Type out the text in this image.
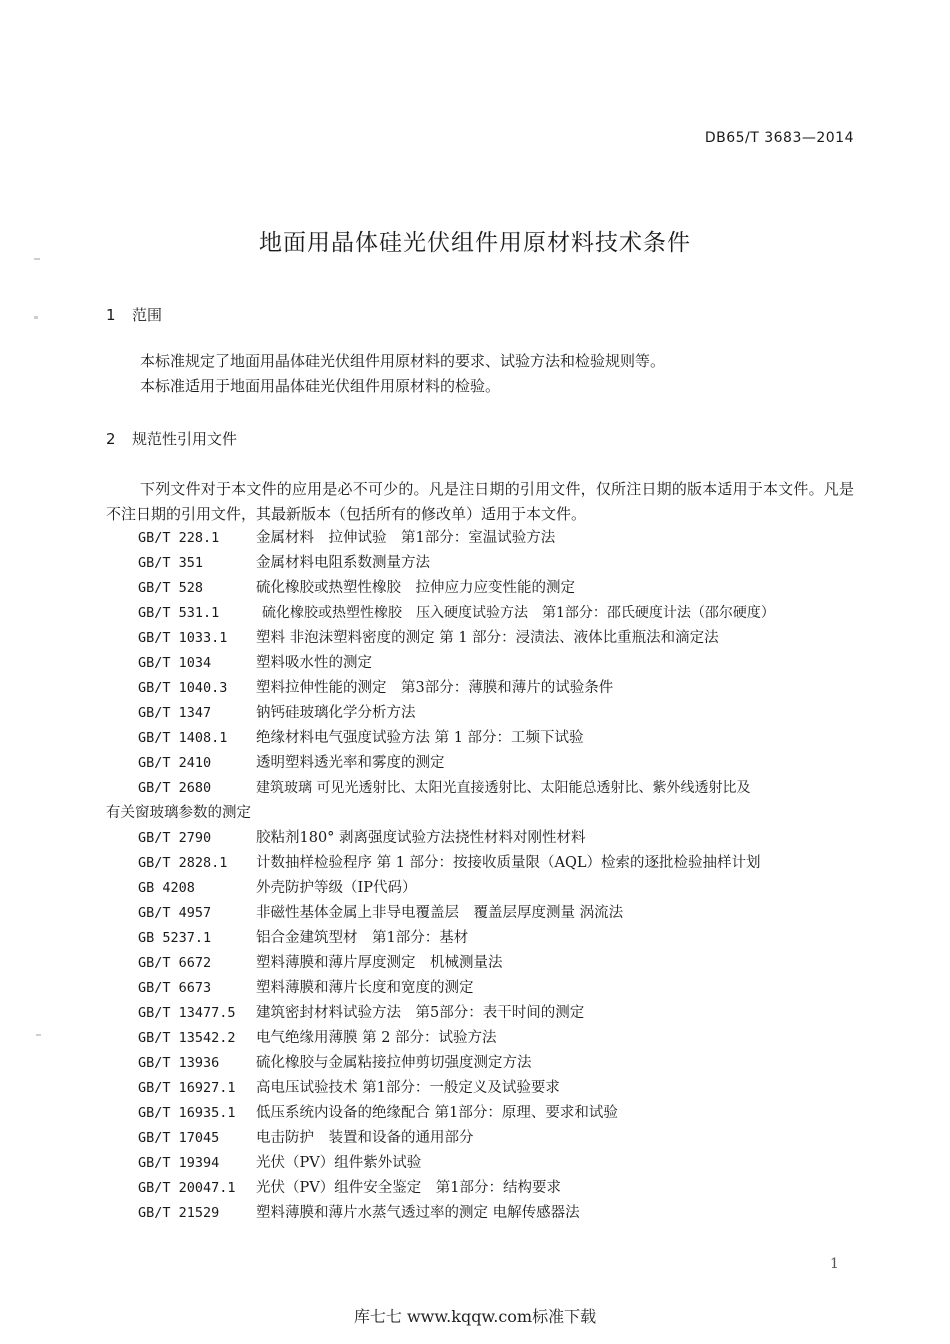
DB65/T 3683—2014
地面用晶体硅光伏组件用原材料技术条件
1 范围

本标准规定了地面用晶体硅光伏组件用原材料的要求、试验方法和检验规则等。

本标准适用于地面用晶体硅光伏组件用原材料的检验。

2 规范性引用文件

下列文件对于本文件的应用是必不可少的。凡是注日期的引用文件，仅所注日期的版本适用于本文件。凡是不注日期的引用文件，其最新版本（包括所有的修改单）适用于本文件。

GB/T 228.1	金属材料　拉伸试验　第1部分：室温试验方法
GB/T 351	金属材料电阻系数测量方法
GB/T 528	硫化橡胶或热塑性橡胶　拉伸应力应变性能的测定
GB/T 531.1	硫化橡胶或热塑性橡胶　压入硬度试验方法　第1部分：邵氏硬度计法（邵尔硬度）
GB/T 1033.1 塑料 非泡沫塑料密度的测定 第 1 部分：浸渍法、液体比重瓶法和滴定法
GB/T 1034	塑料吸水性的测定
GB/T 1040.3 塑料拉伸性能的测定　第3部分：薄膜和薄片的试验条件
GB/T 1347	钠钙硅玻璃化学分析方法
GB/T 1408.1 绝缘材料电气强度试验方法 第 1 部分：工频下试验
GB/T 2410	透明塑料透光率和雾度的测定
GB/T 2680	建筑玻璃 可见光透射比、太阳光直接透射比、太阳能总透射比、紫外线透射比及
有关窗玻璃参数的测定
GB/T 2790	胶粘剂180° 剥离强度试验方法挠性材料对刚性材料
GB/T 2828.1 计数抽样检验程序 第 1 部分：按接收质量限（AQL）检索的逐批检验抽样计划
GB 4208	外壳防护等级（IP代码）
GB/T 4957	非磁性基体金属上非导电覆盖层　覆盖层厚度测量 涡流法
GB 5237.1	铝合金建筑型材　第1部分：基材
GB/T 6672	塑料薄膜和薄片厚度测定　机械测量法
GB/T 6673	塑料薄膜和薄片长度和宽度的测定
GB/T 13477.5 建筑密封材料试验方法　第5部分：表干时间的测定
GB/T 13542.2 电气绝缘用薄膜 第 2 部分：试验方法
GB/T 13936	硫化橡胶与金属粘接拉伸剪切强度测定方法
GB/T 16927.1 高电压试验技术 第1部分：一般定义及试验要求
GB/T 16935.1 低压系统内设备的绝缘配合 第1部分：原理、要求和试验
GB/T 17045	电击防护　装置和设备的通用部分
GB/T 19394	光伏（PV）组件紫外试验
GB/T 20047.1 光伏（PV）组件安全鉴定　第1部分：结构要求
GB/T 21529	塑料薄膜和薄片水蒸气透过率的测定 电解传感器法
1
库七七 www.kqqw.com标准下载
